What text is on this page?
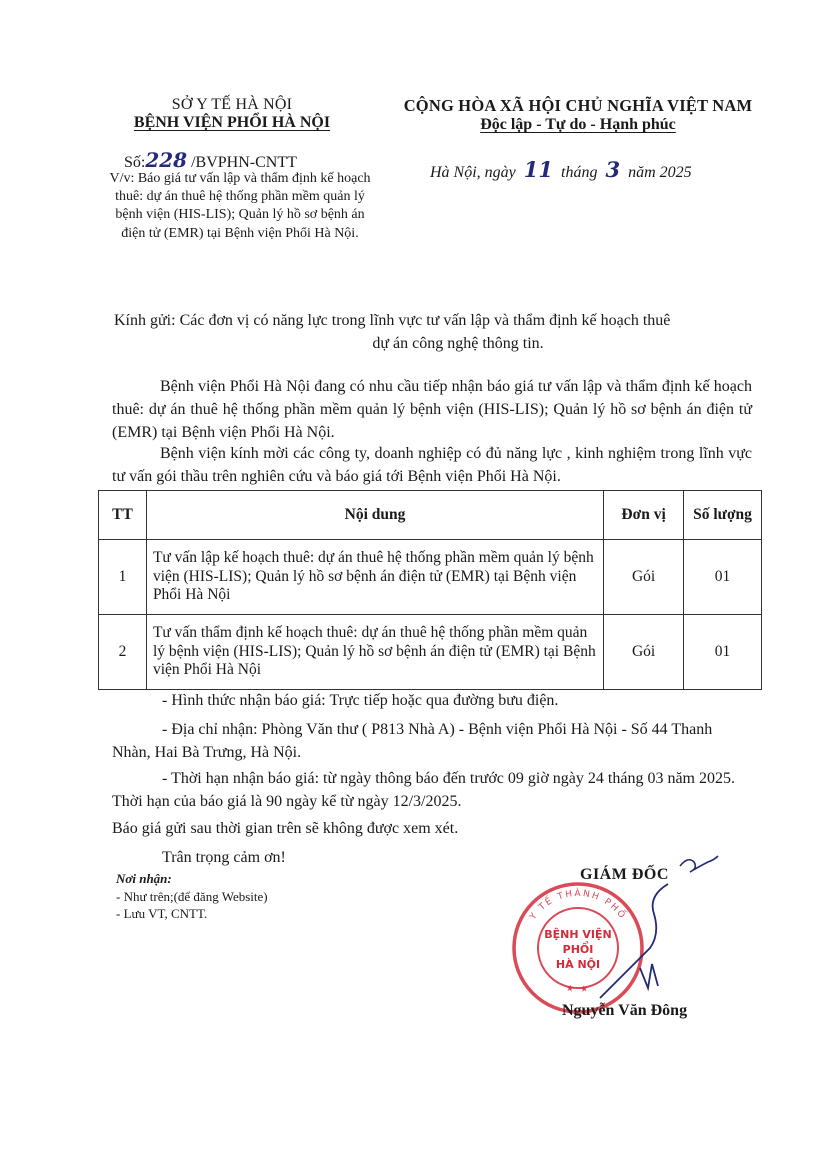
SỞ Y TẾ HÀ NỘI
BỆNH VIỆN PHỔI HÀ NỘI
CỘNG HÒA XÃ HỘI CHỦ NGHĨA VIỆT NAM
Độc lập - Tự do - Hạnh phúc
Số:228 /BVPHN-CNTT
V/v: Báo giá tư vấn lập và thẩm định kế hoạch thuê: dự án thuê hệ thống phần mềm quản lý bệnh viện (HIS-LIS); Quản lý hồ sơ bệnh án điện tử (EMR) tại Bệnh viện Phổi Hà Nội.
Hà Nội, ngày 11 tháng 3 năm 2025
Kính gửi: Các đơn vị có năng lực trong lĩnh vực tư vấn lập và thẩm định kế hoạch thuê
dự án công nghệ thông tin.
Bệnh viện Phổi Hà Nội đang có nhu cầu tiếp nhận báo giá tư vấn lập và thẩm định kế hoạch thuê: dự án thuê hệ thống phần mềm quản lý bệnh viện (HIS-LIS); Quản lý hồ sơ bệnh án điện tử (EMR) tại Bệnh viện Phổi Hà Nội.
Bệnh viện kính mời các công ty, doanh nghiệp có đủ năng lực , kinh nghiệm trong lĩnh vực tư vấn gói thầu trên nghiên cứu và báo giá tới Bệnh viện Phổi Hà Nội.
TT	Nội dung	Đơn vị	Số lượng
1	Tư vấn lập kế hoạch thuê: dự án thuê hệ thống phần mềm quản lý bệnh viện (HIS-LIS); Quản lý hồ sơ bệnh án điện tử (EMR) tại Bệnh viện Phổi Hà Nội	Gói	01
2	Tư vấn thẩm định kế hoạch thuê: dự án thuê hệ thống phần mềm quản lý bệnh viện (HIS-LIS); Quản lý hồ sơ bệnh án điện tử (EMR) tại Bệnh viện Phổi Hà Nội	Gói	01
- Hình thức nhận báo giá: Trực tiếp hoặc qua đường bưu điện.
- Địa chỉ nhận: Phòng Văn thư ( P813 Nhà A) - Bệnh viện Phổi Hà Nội - Số 44 Thanh Nhàn, Hai Bà Trưng, Hà Nội.
- Thời hạn nhận báo giá: từ ngày thông báo đến trước 09 giờ ngày 24 tháng 03 năm 2025. Thời hạn của báo giá là 90 ngày kể từ ngày 12/3/2025.
Báo giá gửi sau thời gian trên sẽ không được xem xét.
Trân trọng cảm ơn!
Nơi nhận:
- Như trên;(để đăng Website)
- Lưu VT, CNTT.	Y TẾ THÀNH PHỐ
★ ★
BỆNH VIỆN
PHỔI
HÀ NỘI
GIÁM ĐỐC
Nguyễn Văn Đông
